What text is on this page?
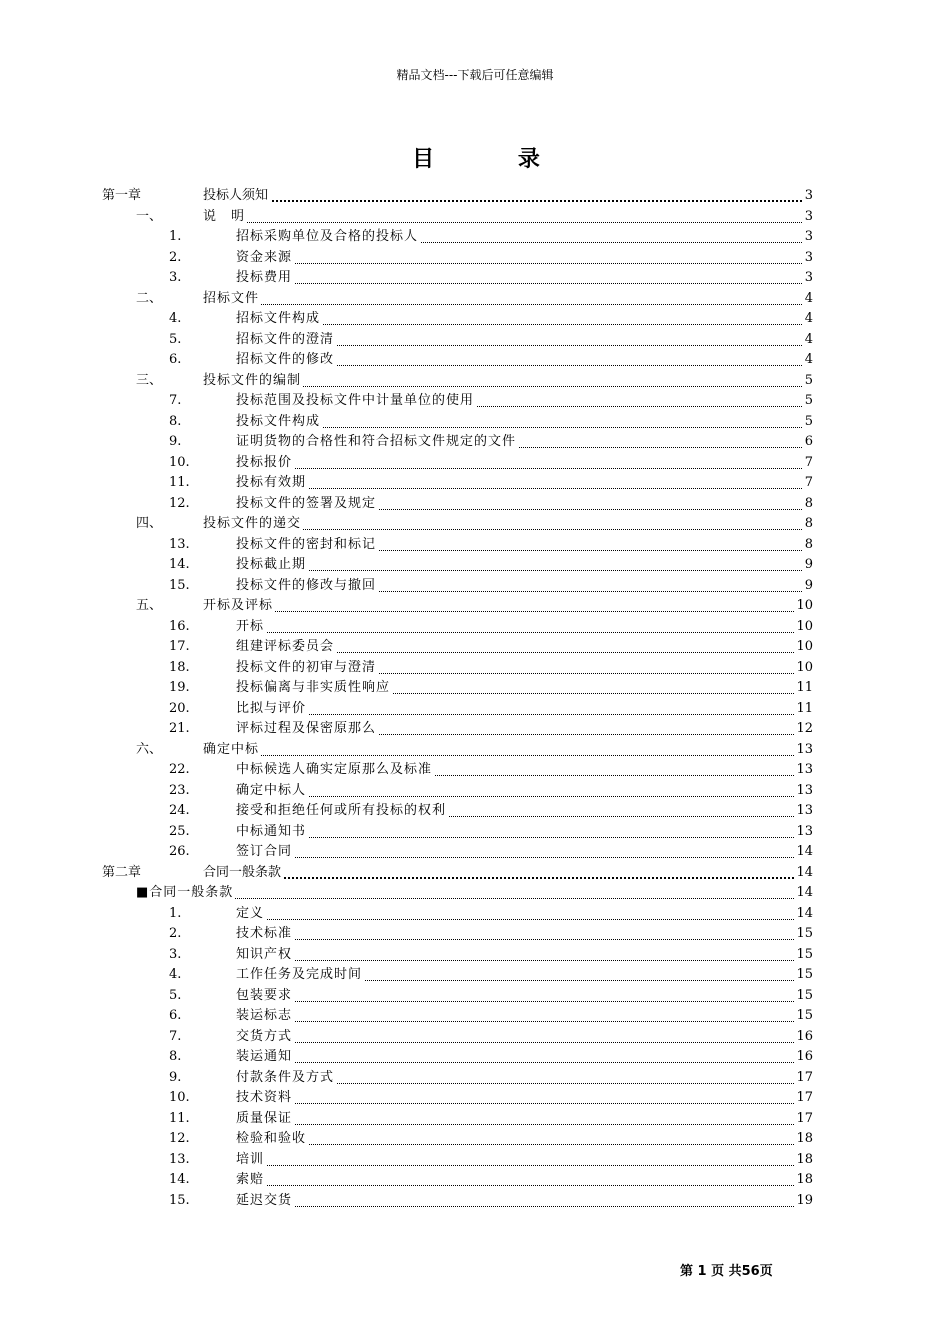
精品文档---下载后可任意编辑
目 录
第一章	投标人须知	3
一、	说　明	3
1.	招标采购单位及合格的投标人	3
2.	资金来源	3
3.	投标费用	3
二、	招标文件	4
4.	招标文件构成	4
5.	招标文件的澄清	4
6.	招标文件的修改	4
三、	投标文件的编制	5
7.	投标范围及投标文件中计量单位的使用	5
8.	投标文件构成	5
9.	证明货物的合格性和符合招标文件规定的文件	6
10.	投标报价	7
11.	投标有效期	7
12.	投标文件的签署及规定	8
四、	投标文件的递交	8
13.	投标文件的密封和标记	8
14.	投标截止期	9
15.	投标文件的修改与撤回	9
五、	开标及评标	10
16.	开标	10
17.	组建评标委员会	10
18.	投标文件的初审与澄清	10
19.	投标偏离与非实质性响应	11
20.	比拟与评价	11
21.	评标过程及保密原那么	12
六、	确定中标	13
22.	中标候选人确实定原那么及标准	13
23.	确定中标人	13
24.	接受和拒绝任何或所有投标的权利	13
25.	中标通知书	13
26.	签订合同	14
第二章	合同一般条款	14
■合同一般条款	14
1.	定义	14
2.	技术标准	15
3.	知识产权	15
4.	工作任务及完成时间	15
5.	包装要求	15
6.	装运标志	15
7.	交货方式	16
8.	装运通知	16
9.	付款条件及方式	17
10.	技术资料	17
11.	质量保证	17
12.	检验和验收	18
13.	培训	18
14.	索赔	18
15.	延迟交货	19
第 1 页 共56页
